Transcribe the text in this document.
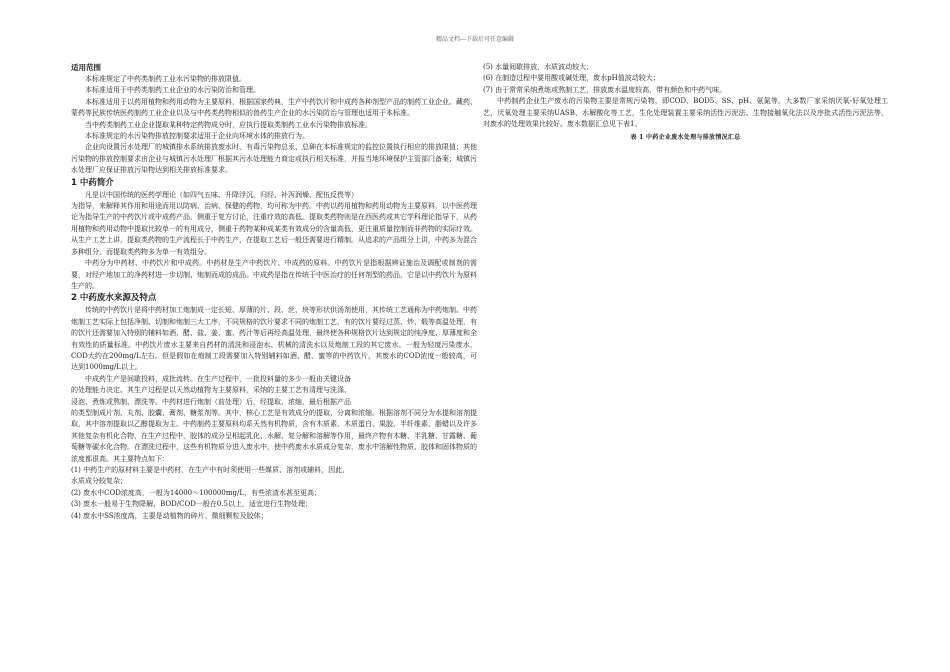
精品文档---下载后可任意编辑

适用范围

本标准规定了中药类制药工业水污染物的排放限值。

本标准适用于中药类制药工业企业的水污染防治和管理。

本标准适用于以药用植物和药用动物为主要原料，根据国家药典，生产中药饮片和中成药各种剂型产品的制药工业企业。藏药、蒙药等民族传统医药制药工业企业以及与中药类药物相似的兽药生产企业的水污染防治与管理也适用于本标准。

当中药类制药工业企业提取某种特定药物成分时，应执行提取类制药工业水污染物排放标准。

本标准规定的水污染物排放控制要求适用于企业向环境水体的排放行为。

企业向设置污水处理厂的城镇排水系统排放废水时，有毒污染物总汞、总砷在本标准规定的监控位置执行相应的排放限值；其他污染物的排放控制要求由企业与城镇污水处理厂根据其污水处理能力商定或执行相关标准，并报当地环境保护主管部门备案；城镇污水处理厂应保证排放污染物达到相关排放标准要求。

1 中药简介

凡是以中国传统的医药学理论（如四气五味、升降浮沉、归经、补泻润燥、配伍反畏等）

为指导，来解释其作用和用途而用以防病、治病、保健的药物，均可称为中药。中药以药用植物和药用动物为主要原料，以中医药理论为指导生产的中药饮片或中成药产品，侧重于复方讨论，注重疗效的高低。提取类药物则是在西医药或其它学科理论指导下，从药用植物和药用动物中提取比较单一的有用成分，侧重于药物某种成某类有效成分的含量高低，更注重质量控制而非药物的实际疗效。从生产工艺上讲，提取类药物的生产流程长于中药生产，在提取工艺后一般还需要进行精制。从追求的产品组分上讲，中药多为混合多种组分，而提取类药物多为单一有效组分。

中药分为中药材、中药饮片和中成药。中药材是生产中药饮片、中成药的原料。中药饮片是指根据辨证施治及调配或制剂的需要，对经产地加工的净药材进一步切制、炮制而成的成品。中成药是指在传统于中医治疗的任何剂型的药品，它是以中药饮片为原料生产的。

2 中药废水来源及特点

传统的中药饮片是将中药材加工炮制成一定长短、厚薄的片、段、丝、块等形状供汤剂使用，其传统工艺通称为中药炮制。中药炮制工艺实际上包括净制、切制和炮制三大工序，不同规格的饮片要求不同的炮制工艺，有的饮片要经过蒸、炒、煅等高温处理，有的饮片还需要加入特别的辅料如酒、醋、盐、姜、蜜、药汁等后再经高温处理，最终使各种规格饮片达到规定的纯净度、厚薄度和全有效性的质量标准。中药饮片废水主要来自药材的清洗和浸泡水、机械的清洗水以及炮制工段的其它废水，一般为轻度污染废水，COD大约在200mg/L左右。但是假如在炮制工段需要加入特别辅料如酒、醋、蜜等的中药饮片，其废水的COD浓度一般较高，可达到1000mg/L以上。

中成药生产是间歇投料，成批流转。在生产过程中，一批投料量的多少一般由关键设备

的处理能力决定。其生产过程是以天然动植物为主要原料，采纳的主要工艺有清理与洗涤、

浸泡、煮炼或熬制、漂洗等。中药材进行炮制（前处理）后，经提取、浓缩，最后根据产品

的类型制成片剂、丸剂、胶囊、膏剂、糖浆剂等。其中，核心工艺是有效成分的提取、分离和浓缩。根据溶剂不同分为水提和溶剂提取，其中溶剂提取以乙醇提取为主。中药制药主要原料均系天然有机物质，含有木质素、木质蛋白、果胶、半纤维素、脂蜡以及许多其他复杂有机化合物，在生产过程中，胶体的成分呈相起乳化、水解、复分解和溶解等作用，最终产物有木糖、半乳糖、甘露糖、葡萄糖等碳水化合物。在漂洗过程中，这些有机物质分进入废水中，使中药废水水质成分复杂，废水中溶解性物质、胶体和固体物质的浓度都很高。其主要特点如下：

(1) 中药生产的原材料主要是中药材，在生产中有时须使用一些媒质、溶剂或辅料，因此，

水质成分较复杂；

(2) 废水中COD浓度高，一般为14000～100000mg/L，有些浓渣水甚至更高；

(3) 废水一般易于生物降解，BOD/COD一般在0.5以上，适宜进行生物处理；

(4) 废水中SS浓度高，主要是动植物的碎片、微细颗粒及胶体；

(5) 水量间歇排放，水质波动较大；

(6) 在制造过程中要用酸或碱处理，废水pH值波动较大；

(7) 由于常常采纳煮练或熬制工艺，排放废水温度较高，带有颜色和中药气味。

中药制药企业生产废水的污染物主要是常规污染物，即COD、BOD5、SS、pH、氨氮等。大多数厂家采纳厌氧-好氧处理工艺，厌氧处理主要采纳UASB、水解酸化等工艺，生化处理装置主要采纳活性污泥法、生物接触氧化法以及序批式活性污泥法等，对废水的处理效果比较好。废水数据汇总见下表1。

表 1 中药企业废水处理与排放情况汇总
